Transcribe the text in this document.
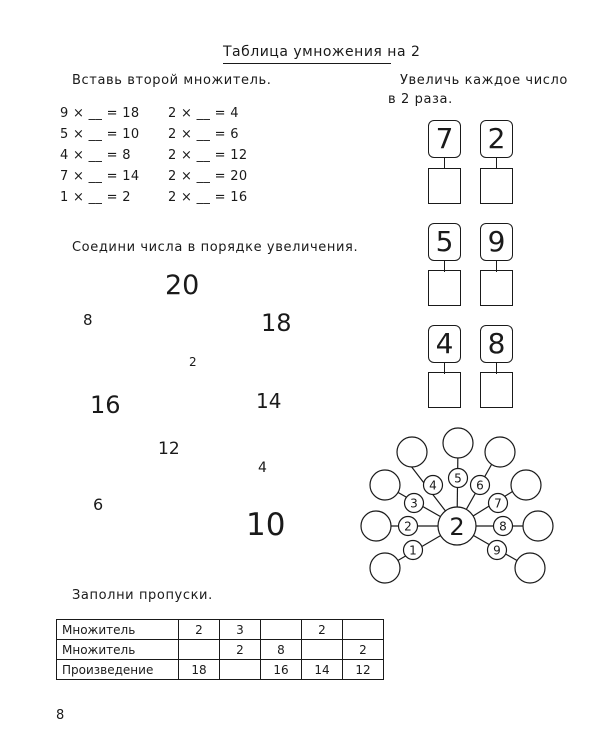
Таблица умножения на 2
Вставь второй множитель.
9 × __ = 18
5 × __ = 10
4 × __ = 8
7 × __ = 14
1 × __ = 2
2 × __ = 4
2 × __ = 6
2 × __ = 12
2 × __ = 20
2 × __ = 16
Соедини числа в порядке увеличения.
20
8	18
2
16	14
12
4
6
10
Увеличь каждое число
в 2 раза.
7 2
5 9
4 8
1
2
3
4 5 6
7
8
9
2
Заполни пропуски.
Множитель	2	3		2	
Множитель		2	8		2
Произведение	18		16	14	12
8
